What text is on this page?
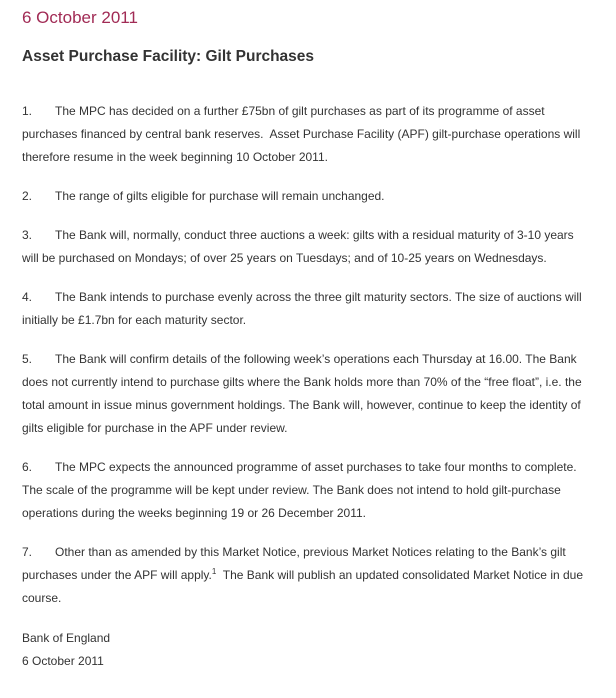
6 October 2011
Asset Purchase Facility: Gilt Purchases

1. The MPC has decided on a further £75bn of gilt purchases as part of its programme of asset purchases financed by central bank reserves.  Asset Purchase Facility (APF) gilt-purchase operations will therefore resume in the week beginning 10 October 2011.

2. The range of gilts eligible for purchase will remain unchanged.

3. The Bank will, normally, conduct three auctions a week: gilts with a residual maturity of 3-10 years will be purchased on Mondays; of over 25 years on Tuesdays; and of 10-25 years on Wednesdays.

4. The Bank intends to purchase evenly across the three gilt maturity sectors. The size of auctions will initially be £1.7bn for each maturity sector.

5. The Bank will confirm details of the following week’s operations each Thursday at 16.00. The Bank does not currently intend to purchase gilts where the Bank holds more than 70% of the “free float”, i.e. the total amount in issue minus government holdings. The Bank will, however, continue to keep the identity of gilts eligible for purchase in the APF under review.

6. The MPC expects the announced programme of asset purchases to take four months to complete. The scale of the programme will be kept under review. The Bank does not intend to hold gilt-purchase operations during the weeks beginning 19 or 26 December 2011.

7. Other than as amended by this Market Notice, previous Market Notices relating to the Bank’s gilt purchases under the APF will apply.$^1$  The Bank will publish an updated consolidated Market Notice in due course.

Bank of England
6 October 2011
